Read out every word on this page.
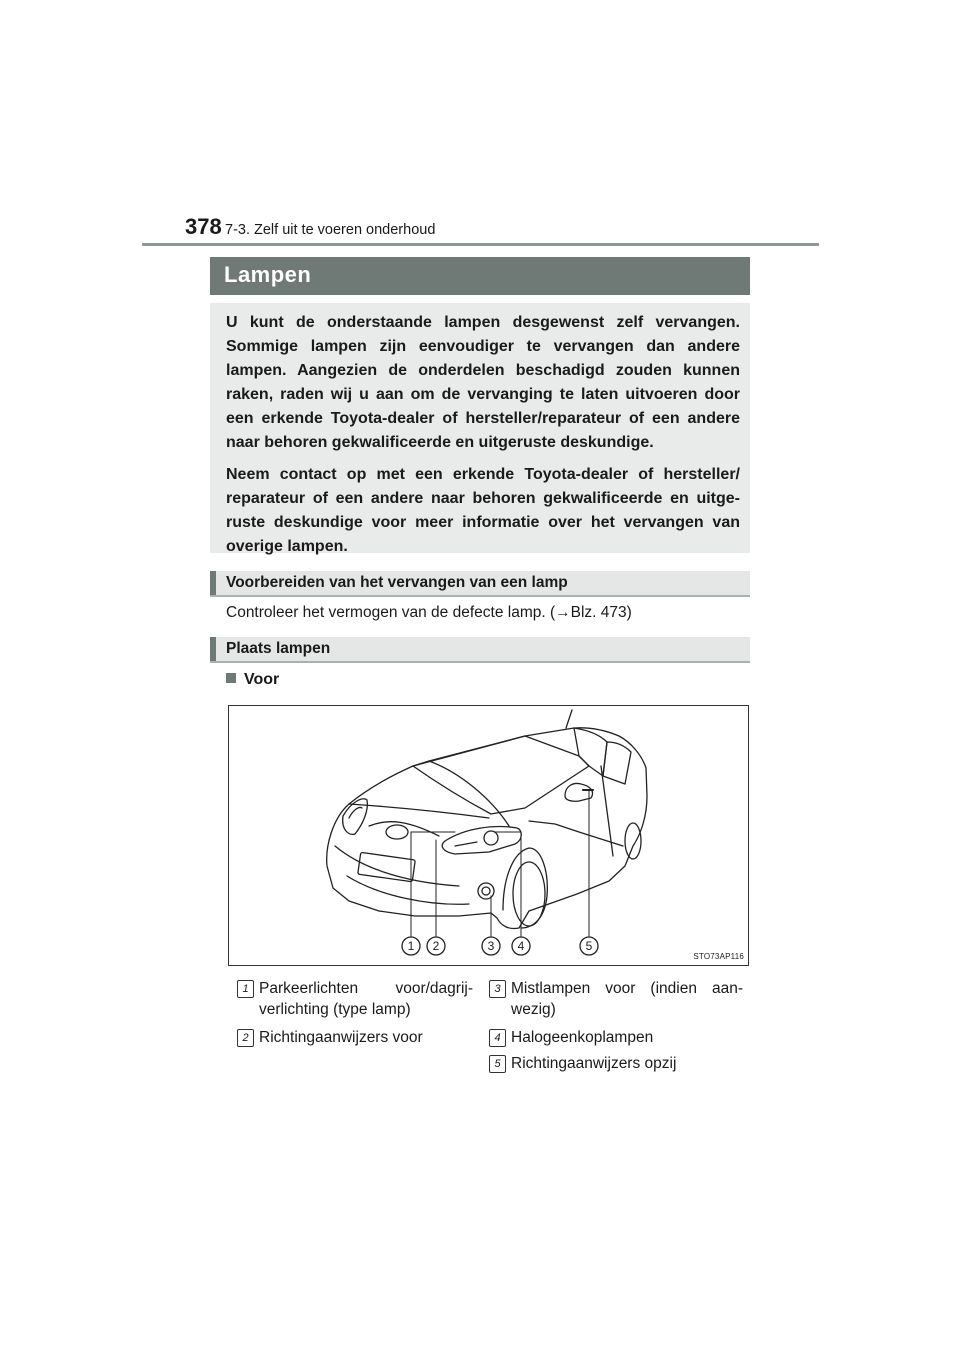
378 7-3. Zelf uit te voeren onderhoud
Lampen

U kunt de onderstaande lampen desgewenst zelf vervangen. Sommige lampen zijn eenvoudiger te vervangen dan andere lampen. Aangezien de onderdelen beschadigd zouden kunnen raken, raden wij u aan om de vervanging te laten uitvoeren door een erkende Toyota-dealer of hersteller/reparateur of een andere naar behoren gekwalificeerde en uitgeruste deskundige.

Neem contact op met een erkende Toyota-dealer of hersteller/ reparateur of een andere naar behoren gekwalificeerde en uitge- ruste deskundige voor meer informatie over het vervangen van overige lampen.

Voorbereiden van het vervangen van een lamp
Controleer het vermogen van de defecte lamp. (→Blz. 473)
Plaats lampen
Voor
1 2	3 4	5
STO73AP116
1 Parkeerlichten voor/dagrij- verlichting (type lamp)
2 Richtingaanwijzers voor
3 Mistlampen voor (indien aan- wezig)
4 Halogeenkoplampen
5 Richtingaanwijzers opzij
